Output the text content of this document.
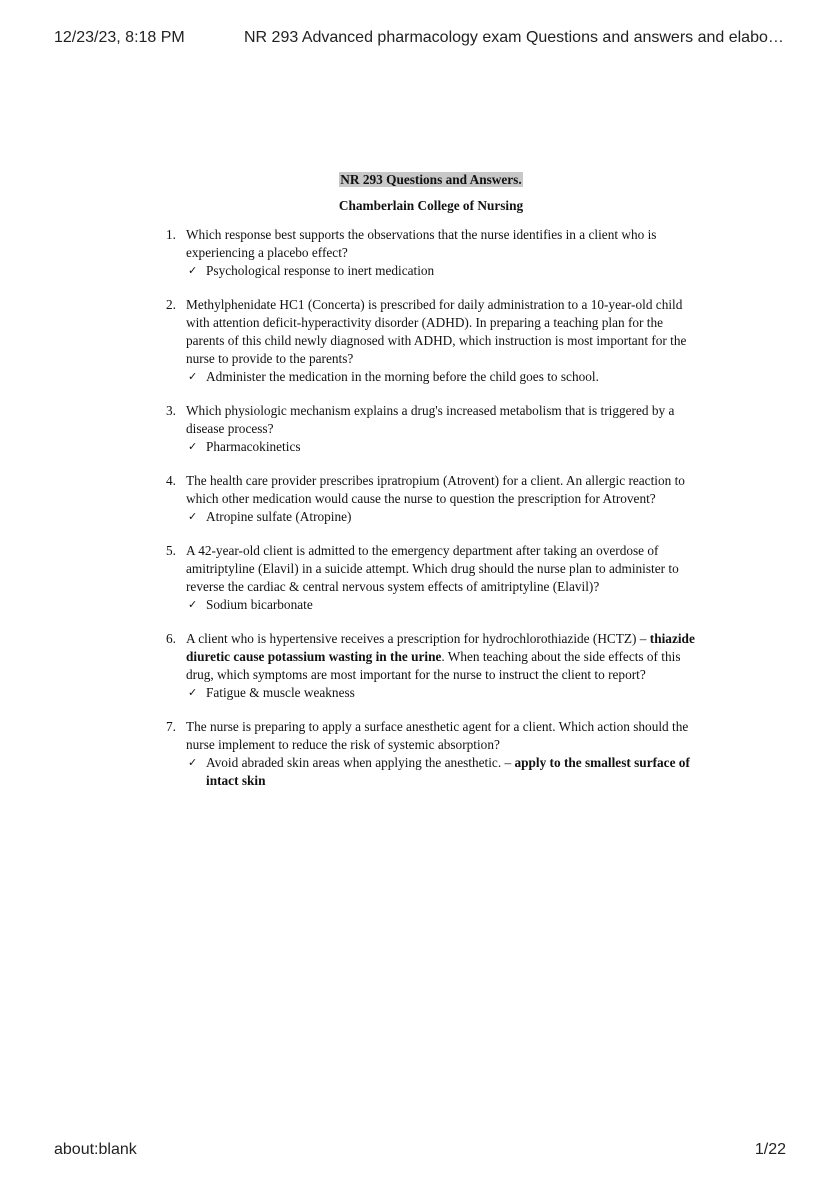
12/23/23, 8:18 PM	NR 293 Advanced pharmacology exam Questions and answers and elabo…

NR 293 Questions and Answers.

Chamberlain College of Nursing

1. Which response best supports the observations that the nurse identifies in a client who is experiencing a placebo effect?
✓ Psychological response to inert medication
2. Methylphenidate HC1 (Concerta) is prescribed for daily administration to a 10-year-old child with attention deficit-hyperactivity disorder (ADHD). In preparing a teaching plan for the parents of this child newly diagnosed with ADHD, which instruction is most important for the nurse to provide to the parents?
✓ Administer the medication in the morning before the child goes to school.
3. Which physiologic mechanism explains a drug's increased metabolism that is triggered by a disease process?
✓ Pharmacokinetics
4. The health care provider prescribes ipratropium (Atrovent) for a client. An allergic reaction to which other medication would cause the nurse to question the prescription for Atrovent?
✓ Atropine sulfate (Atropine)
5. A 42-year-old client is admitted to the emergency department after taking an overdose of amitriptyline (Elavil) in a suicide attempt. Which drug should the nurse plan to administer to reverse the cardiac & central nervous system effects of amitriptyline (Elavil)?
✓ Sodium bicarbonate
6. A client who is hypertensive receives a prescription for hydrochlorothiazide (HCTZ) – thiazide diuretic cause potassium wasting in the urine. When teaching about the side effects of this drug, which symptoms are most important for the nurse to instruct the client to report?
✓ Fatigue & muscle weakness
7. The nurse is preparing to apply a surface anesthetic agent for a client. Which action should the nurse implement to reduce the risk of systemic absorption?
✓ Avoid abraded skin areas when applying the anesthetic. – apply to the smallest surface of intact skin
about:blank	1/22
